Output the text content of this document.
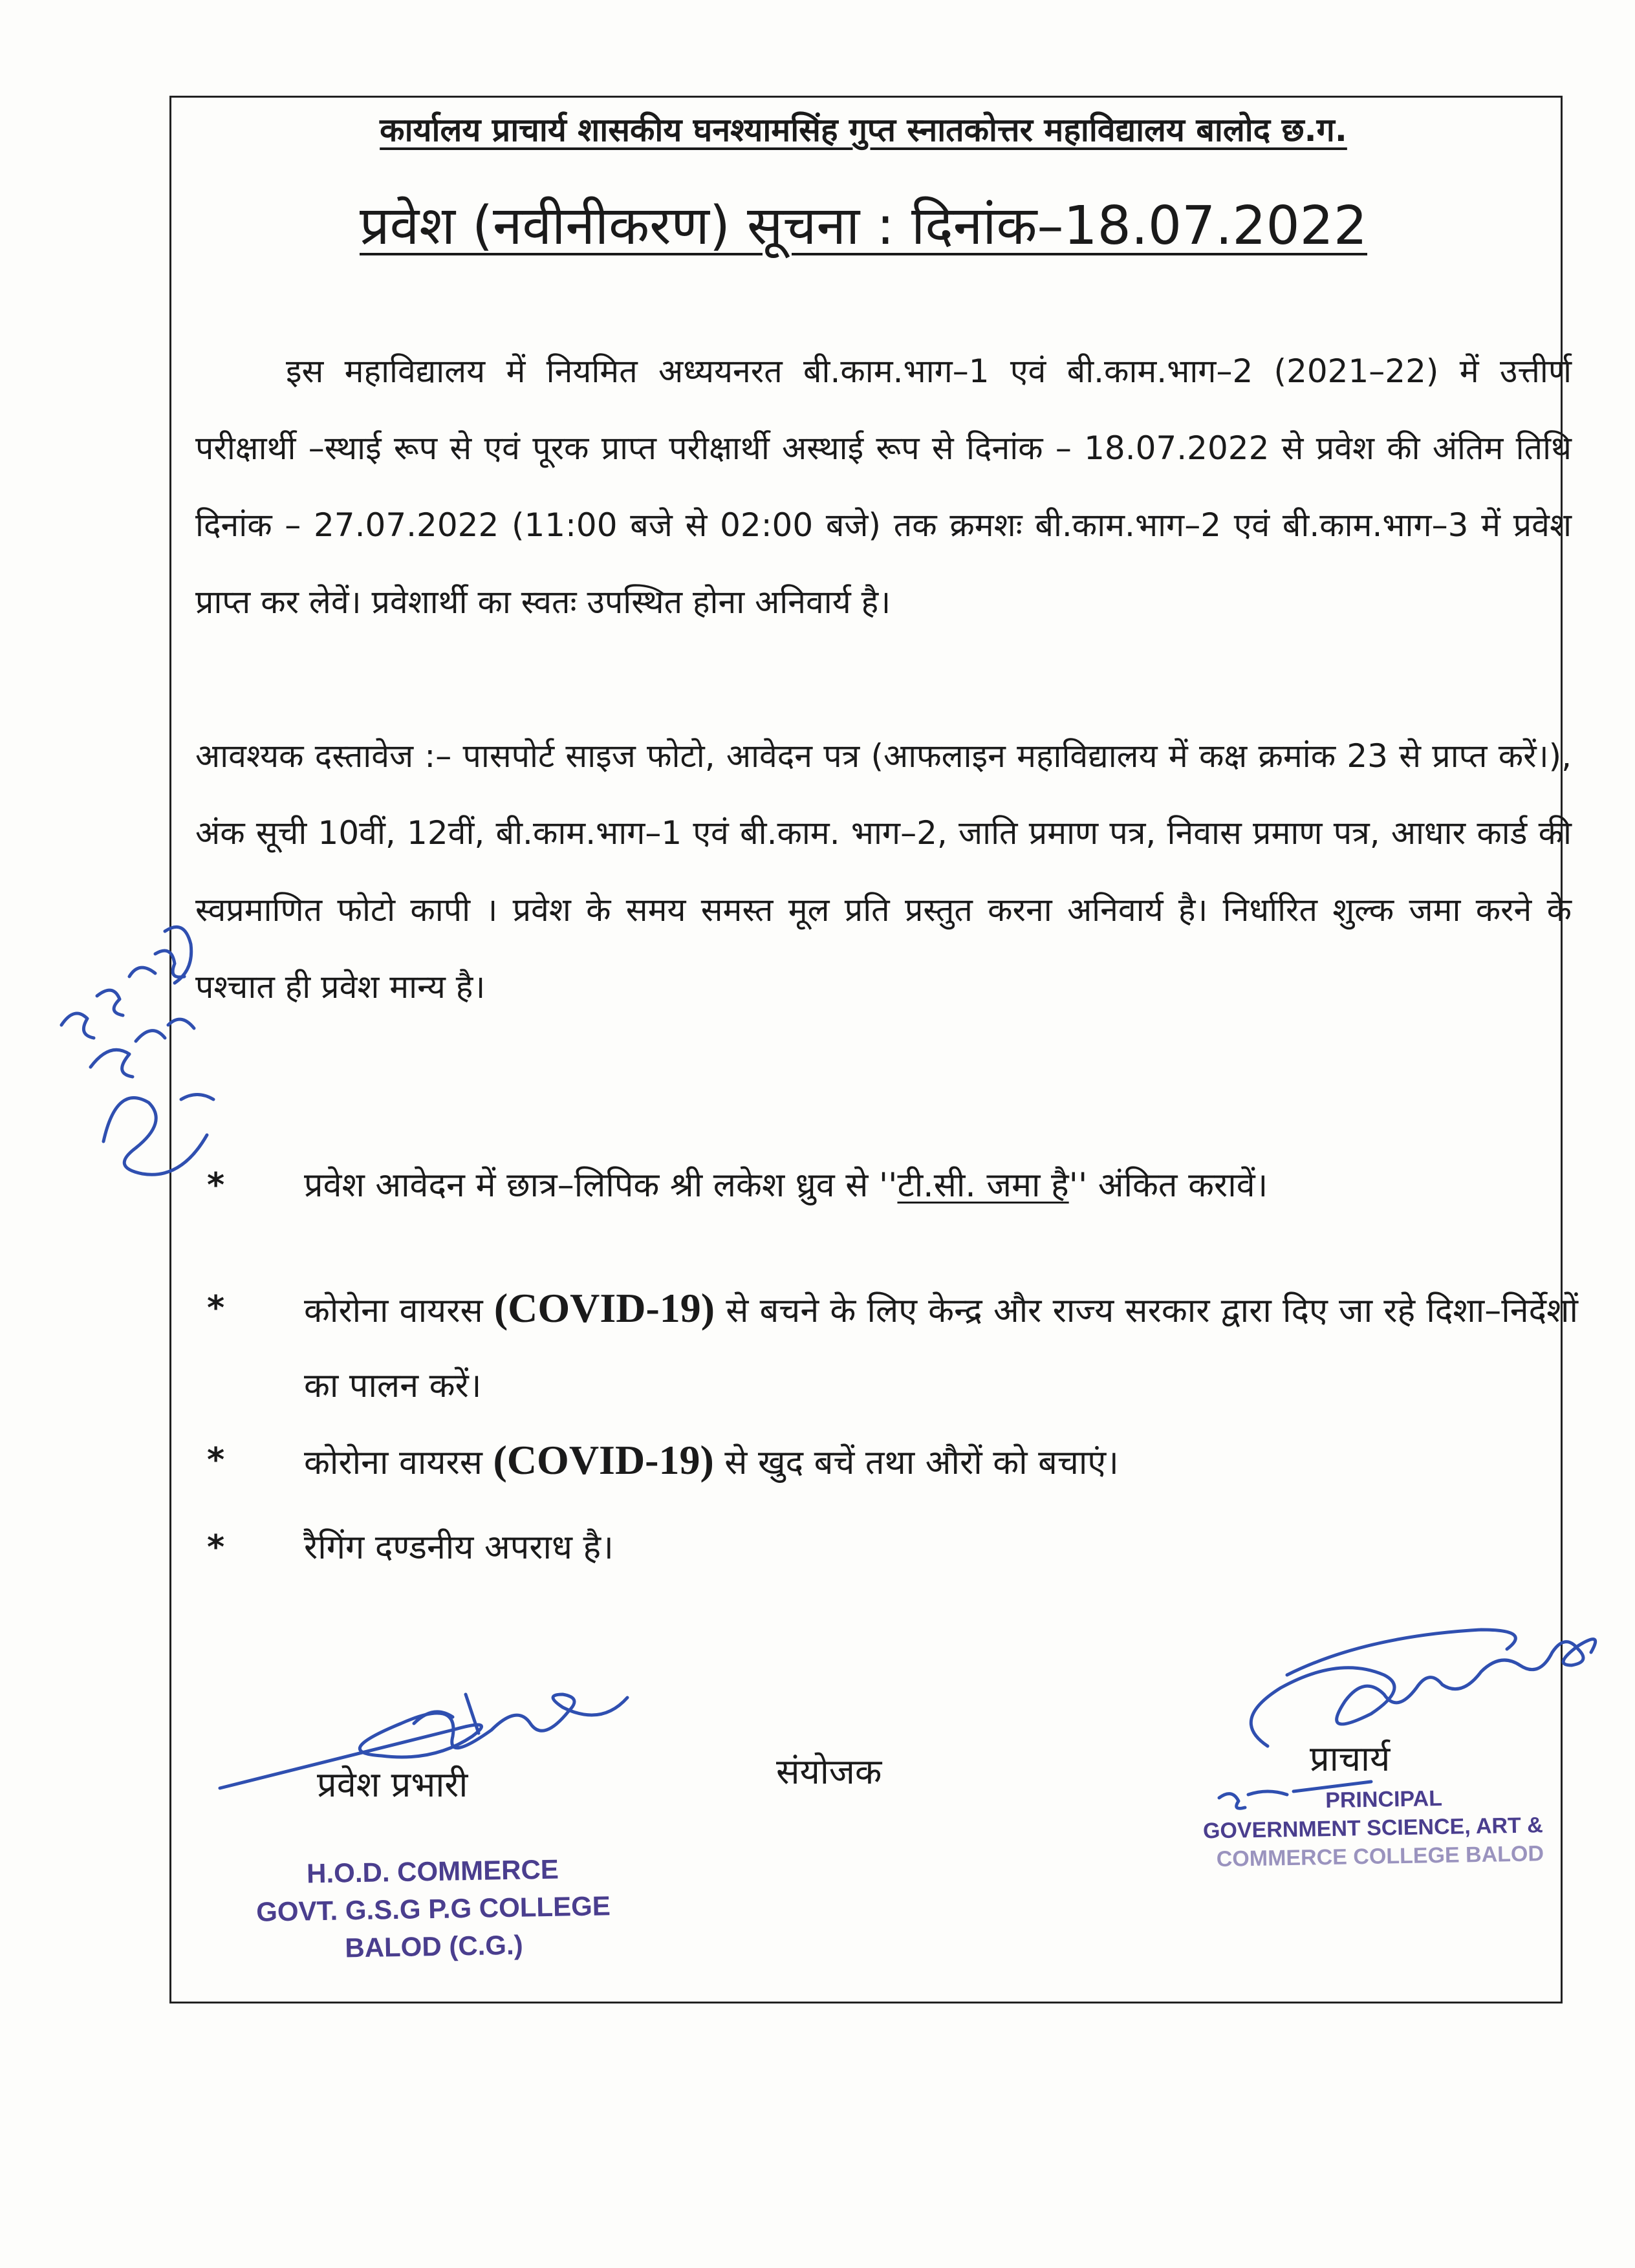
कार्यालय प्राचार्य शासकीय घनश्यामसिंह गुप्त स्नातकोत्तर महाविद्यालय बालोद छ.ग.
प्रवेश (नवीनीकरण) सूचना : दिनांक–18.07.2022
इस महाविद्यालय में नियमित अध्ययनरत बी.काम.भाग–1 एवं बी.काम.भाग–2 (2021–22) में उत्तीर्ण परीक्षार्थी –स्थाई रूप से एवं पूरक प्राप्त परीक्षार्थी अस्थाई रूप से दिनांक – 18.07.2022 से प्रवेश की अंतिम तिथि दिनांक – 27.07.2022 (11:00 बजे से 02:00 बजे) तक क्रमशः बी.काम.भाग–2 एवं बी.काम.भाग–3 में प्रवेश प्राप्त कर लेवें। प्रवेशार्थी का स्वतः उपस्थित होना अनिवार्य है।
आवश्यक दस्तावेज :– पासपोर्ट साइज फोटो, आवेदन पत्र (आफलाइन महाविद्यालय में कक्ष क्रमांक 23 से प्राप्त करें।), अंक सूची 10वीं, 12वीं, बी.काम.भाग–1 एवं बी.काम. भाग–2, जाति प्रमाण पत्र, निवास प्रमाण पत्र, आधार कार्ड की स्वप्रमाणित फोटो कापी । प्रवेश के समय समस्त मूल प्रति प्रस्तुत करना अनिवार्य है। निर्धारित शुल्क जमा करने के पश्चात ही प्रवेश मान्य है।
*	प्रवेश आवेदन में छात्र–लिपिक श्री लकेश ध्रुव से ''टी.सी. जमा है'' अंकित करावें।
*	कोरोना वायरस (COVID-19) से बचने के लिए केन्द्र और राज्य सरकार द्वारा दिए जा रहे दिशा–निर्देशों का पालन करें।
*	कोरोना वायरस (COVID-19) से खुद बचें तथा औरों को बचाएं।
*	रैगिंग दण्डनीय अपराध है।
प्रवेश प्रभारी	संयोजक	प्राचार्य
H.O.D. COMMERCE
GOVT. G.S.G P.G COLLEGE
BALOD (C.G.)
PRINCIPAL
GOVERNMENT SCIENCE, ART &
COMMERCE COLLEGE BALOD
